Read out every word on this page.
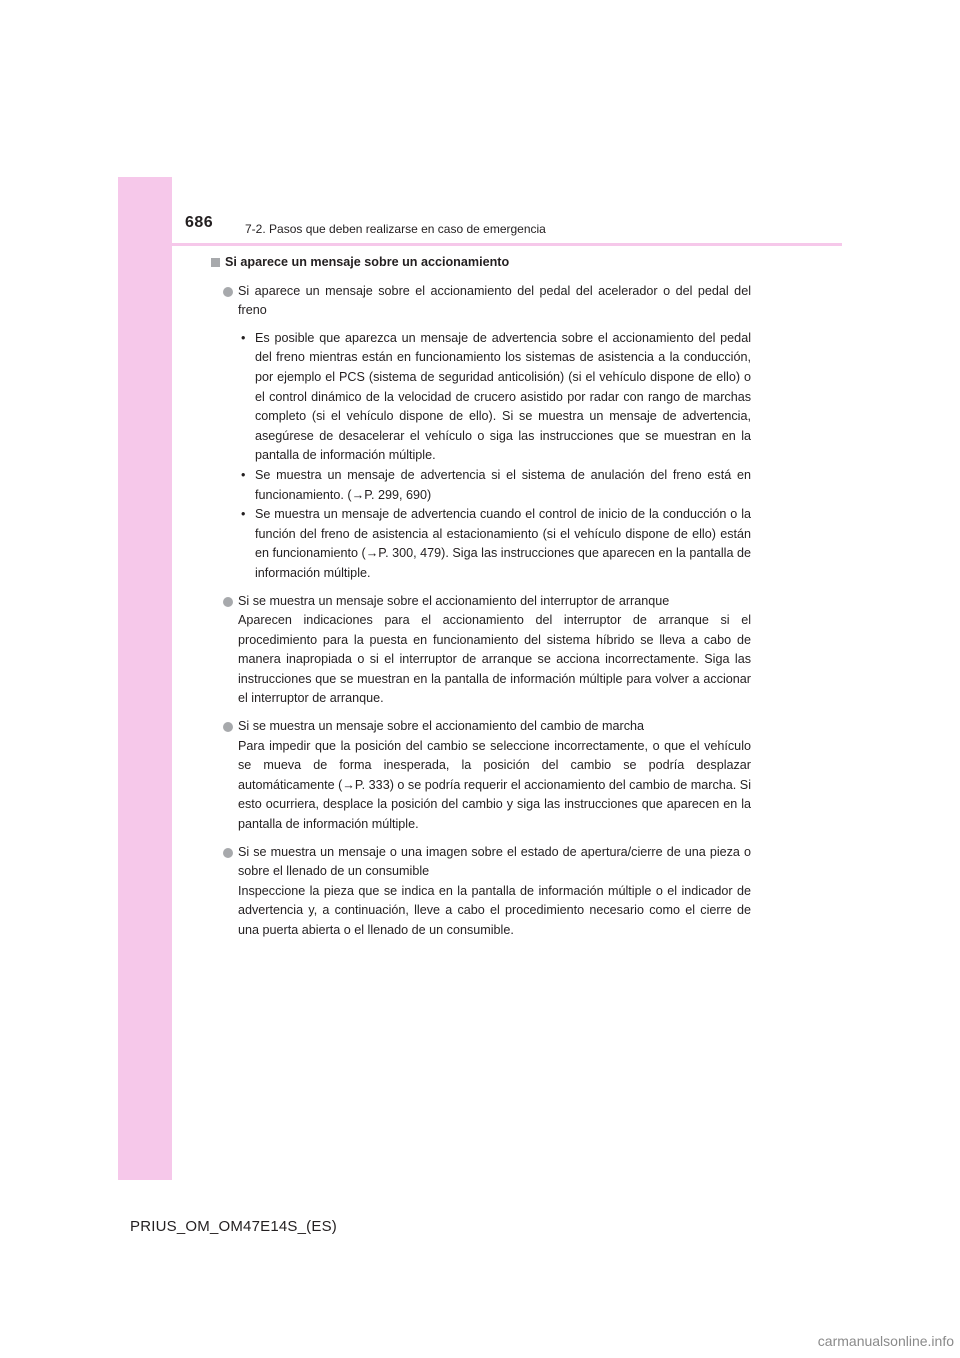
686	7-2. Pasos que deben realizarse en caso de emergencia
Si aparece un mensaje sobre un accionamiento
Si aparece un mensaje sobre el accionamiento del pedal del acelerador o del pedal del freno
• Es posible que aparezca un mensaje de advertencia sobre el accionamiento del pedal del freno mientras están en funcionamiento los sistemas de asistencia a la conducción, por ejemplo el PCS (sistema de seguridad anticolisión) (si el vehículo dispone de ello) o el control dinámico de la velocidad de crucero asistido por radar con rango de marchas completo (si el vehículo dispone de ello). Si se muestra un mensaje de advertencia, asegúrese de desacelerar el vehículo o siga las instrucciones que se muestran en la pantalla de información múltiple.
• Se muestra un mensaje de advertencia si el sistema de anulación del freno está en funcionamiento. (→P. 299, 690)
• Se muestra un mensaje de advertencia cuando el control de inicio de la conducción o la función del freno de asistencia al estacionamiento (si el vehículo dispone de ello) están en funcionamiento (→P. 300, 479). Siga las instrucciones que aparecen en la pantalla de información múltiple.
Si se muestra un mensaje sobre el accionamiento del interruptor de arranque
Aparecen indicaciones para el accionamiento del interruptor de arranque si el procedimiento para la puesta en funcionamiento del sistema híbrido se lleva a cabo de manera inapropiada o si el interruptor de arranque se acciona incorrectamente. Siga las instrucciones que se muestran en la pantalla de información múltiple para volver a accionar el interruptor de arranque.
Si se muestra un mensaje sobre el accionamiento del cambio de marcha
Para impedir que la posición del cambio se seleccione incorrectamente, o que el vehículo se mueva de forma inesperada, la posición del cambio se podría desplazar automáticamente (→P. 333) o se podría requerir el accionamiento del cambio de marcha. Si esto ocurriera, desplace la posición del cambio y siga las instrucciones que aparecen en la pantalla de información múltiple.
Si se muestra un mensaje o una imagen sobre el estado de apertura/cierre de una pieza o sobre el llenado de un consumible
Inspeccione la pieza que se indica en la pantalla de información múltiple o el indicador de advertencia y, a continuación, lleve a cabo el procedimiento necesario como el cierre de una puerta abierta o el llenado de un consumible.
PRIUS_OM_OM47E14S_(ES)
carmanualsonline.info
